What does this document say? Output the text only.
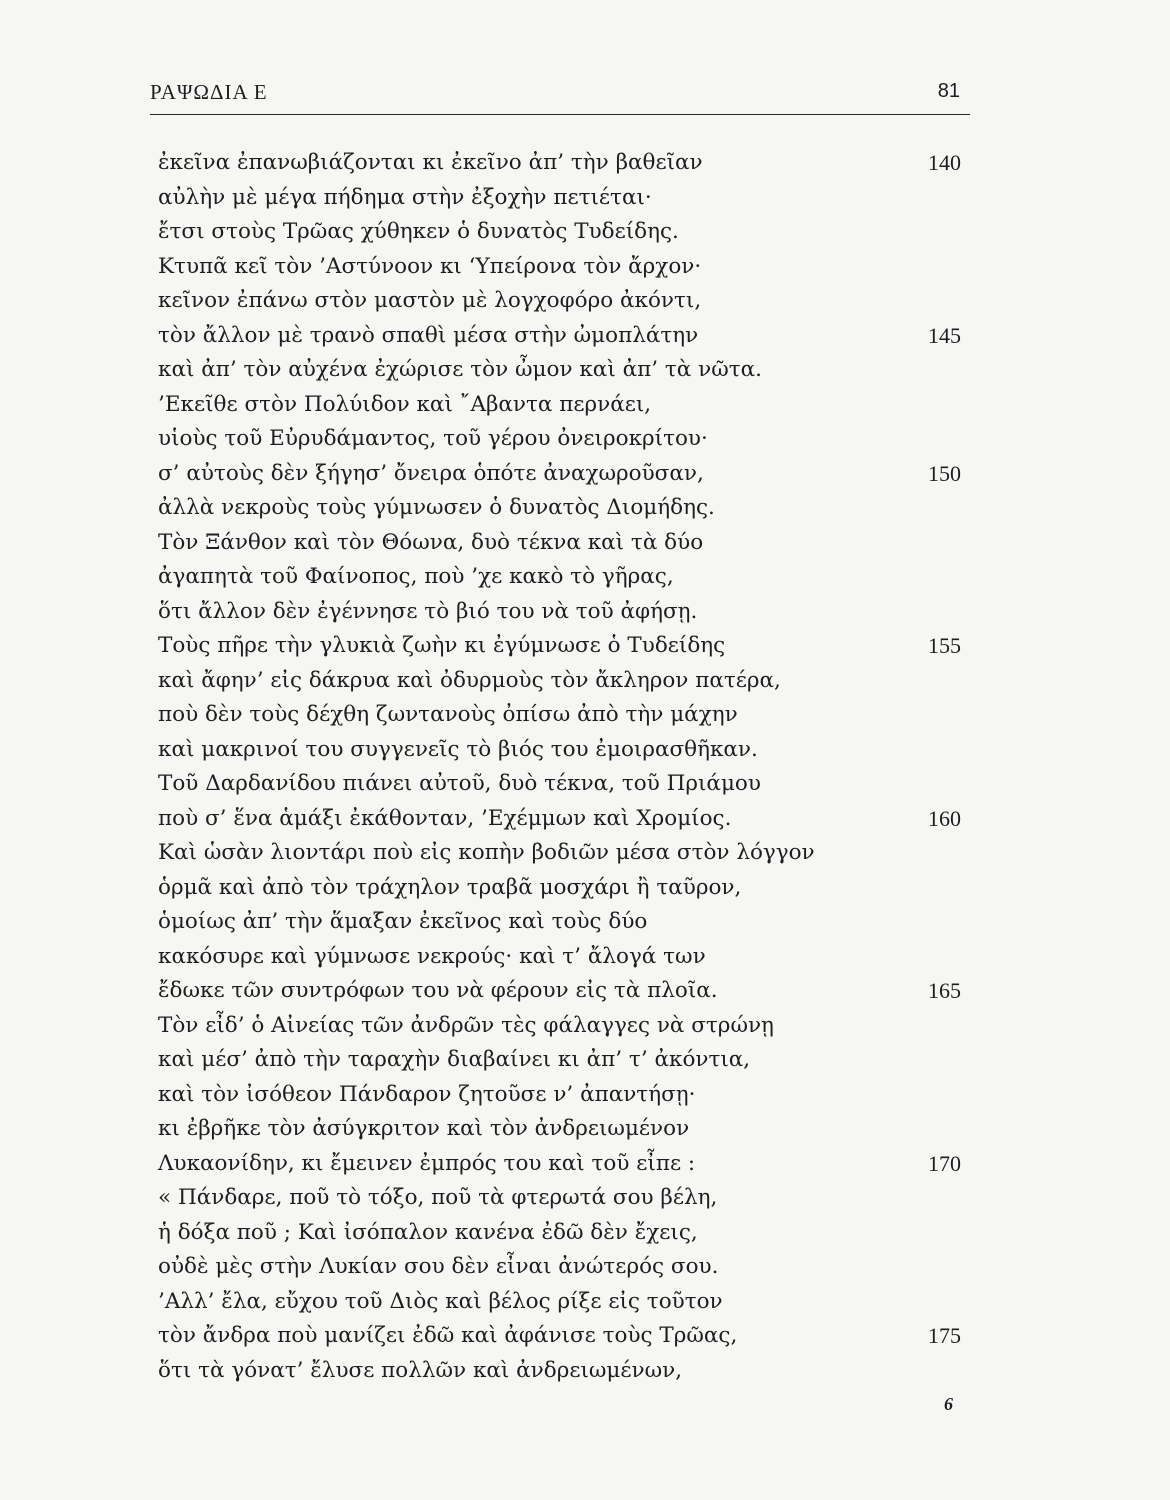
ΡΑΨΩΔΙΑ Ε	81
ἐκεῖνα ἐπανωβιάζονται κι ἐκεῖνο ἀπ’ τὴν βαθεῖαν	140
αὐλὴν μὲ μέγα πήδημα στὴν ἐξοχὴν πετιέται·
ἔτσι στοὺς Τρῶας χύθηκεν ὁ δυνατὸς Τυδείδης.
Κτυπᾶ κεῖ τὸν ’Αστύνοον κι ‘Υπείρονα τὸν ἄρχον·
κεῖνον ἐπάνω στὸν μαστὸν μὲ λογχοφόρο ἀκόντι,
τὸν ἄλλον μὲ τρανὸ σπαθὶ μέσα στὴν ὠμοπλάτην	145
καὶ ἀπ’ τὸν αὐχένα ἐχώρισε τὸν ὦμον καὶ ἀπ’ τὰ νῶτα.
’Εκεῖθε στὸν Πολύιδον καὶ ῎Αβαντα περνάει,
υἱοὺς τοῦ Εὐρυδάμαντος, τοῦ γέρου ὀνειροκρίτου·
σ’ αὐτοὺς δὲν ξήγησ’ ὄνειρα ὁπότε ἀναχωροῦσαν,	150
ἀλλὰ νεκροὺς τοὺς γύμνωσεν ὁ δυνατὸς Διομήδης.
Τὸν Ξάνθον καὶ τὸν Θόωνα, δυὸ τέκνα καὶ τὰ δύο
ἀγαπητὰ τοῦ Φαίνοπος, ποὺ ’χε κακὸ τὸ γῆρας,
ὅτι ἄλλον δὲν ἐγέννησε τὸ βιό του νὰ τοῦ ἀφήσῃ.
Τοὺς πῆρε τὴν γλυκιὰ ζωὴν κι ἐγύμνωσε ὁ Τυδείδης	155
καὶ ἄφην’ εἰς δάκρυα καὶ ὀδυρμοὺς τὸν ἄκληρον πατέρα,
ποὺ δὲν τοὺς δέχθη ζωντανοὺς ὀπίσω ἀπὸ τὴν μάχην
καὶ μακρινοί του συγγενεῖς τὸ βιός του ἐμοιρασθῆκαν.
Τοῦ Δαρδανίδου πιάνει αὐτοῦ, δυὸ τέκνα, τοῦ Πριάμου
ποὺ σ’ ἕνα ἁμάξι ἐκάθονταν, ’Εχέμμων καὶ Χρομίος.	160
Καὶ ὡσὰν λιοντάρι ποὺ εἰς κοπὴν βοδιῶν μέσα στὸν λόγγον
ὁρμᾶ καὶ ἀπὸ τὸν τράχηλον τραβᾶ μοσχάρι ἢ ταῦρον,
ὁμοίως ἀπ’ τὴν ἅμαξαν ἐκεῖνος καὶ τοὺς δύο
κακόσυρε καὶ γύμνωσε νεκρούς· καὶ τ’ ἄλογά των
ἔδωκε τῶν συντρόφων του νὰ φέρουν εἰς τὰ πλοῖα.	165
Τὸν εἶδ’ ὁ Αἰνείας τῶν ἀνδρῶν τὲς φάλαγγες νὰ στρώνῃ
καὶ μέσ’ ἀπὸ τὴν ταραχὴν διαβαίνει κι ἀπ’ τ’ ἀκόντια,
καὶ τὸν ἰσόθεον Πάνδαρον ζητοῦσε ν’ ἀπαντήσῃ·
κι ἐβρῆκε τὸν ἀσύγκριτον καὶ τὸν ἀνδρειωμένον
Λυκαονίδην, κι ἔμεινεν ἐμπρός του καὶ τοῦ εἶπε :	170
« Πάνδαρε, ποῦ τὸ τόξο, ποῦ τὰ φτερωτά σου βέλη,
ἡ δόξα ποῦ ; Καὶ ἰσόπαλον κανένα ἐδῶ δὲν ἔχεις,
οὐδὲ μὲς στὴν Λυκίαν σου δὲν εἶναι ἀνώτερός σου.
’Αλλ’ ἔλα, εὔχου τοῦ Διὸς καὶ βέλος ρίξε εἰς τοῦτον
τὸν ἄνδρα ποὺ μανίζει ἐδῶ καὶ ἀφάνισε τοὺς Τρῶας,	175
ὅτι τὰ γόνατ’ ἔλυσε πολλῶν καὶ ἀνδρειωμένων,
6
